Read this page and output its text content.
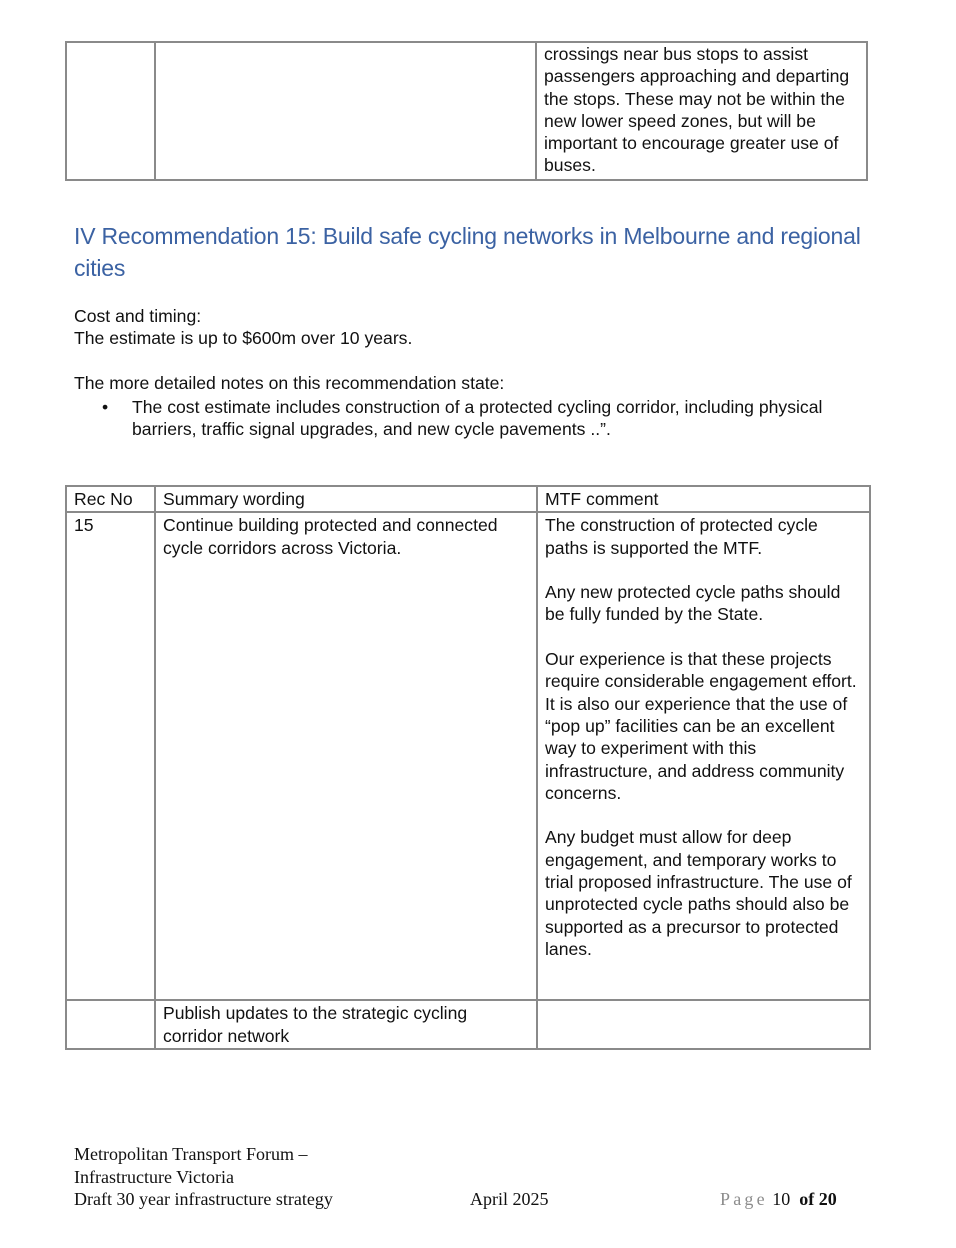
		crossings near bus stops to assist passengers approaching and departing the stops. These may not be within the new lower speed zones, but will be important to encourage greater use of buses.
IV Recommendation 15: Build safe cycling networks in Melbourne and regional cities

Cost and timing:

The estimate is up to $600m over 10 years.

The more detailed notes on this recommendation state:

• The cost estimate includes construction of a protected cycling corridor, including physical barriers, traffic signal upgrades, and new cycle pavements ..”.
Rec No	Summary wording	MTF comment
15	Continue building protected and connected cycle corridors across Victoria.	The construction of protected cycle paths is supported the MTF.
Any new protected cycle paths should be fully funded by the State.
Our experience is that these projects require considerable engagement effort. It is also our experience that the use of “pop up” facilities can be an excellent way to experiment with this infrastructure, and address community concerns.
Any budget must allow for deep engagement, and temporary works to trial proposed infrastructure. The use of unprotected cycle paths should also be supported as a precursor to protected lanes.

	Publish updates to the strategic cycling corridor network	
Metropolitan Transport Forum –
Infrastructure Victoria
Draft 30 year infrastructure strategy	April 2025	Page 10 of 20
